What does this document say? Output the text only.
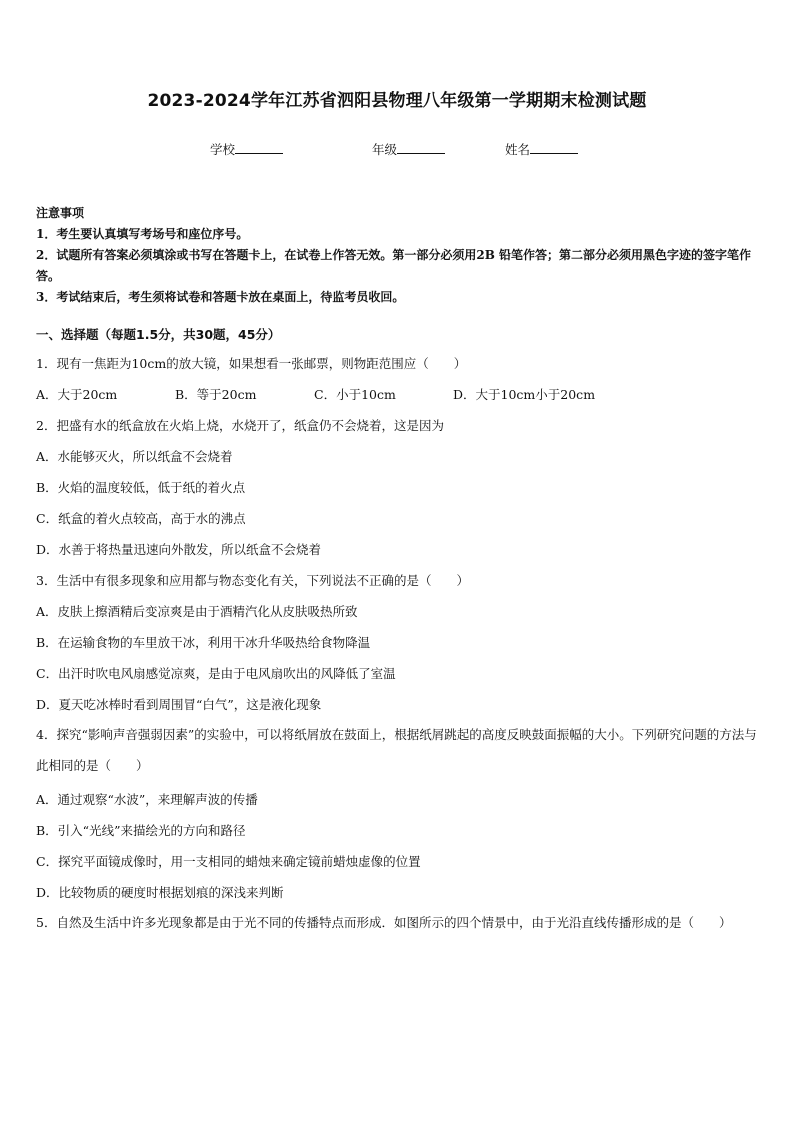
2023-2024学年江苏省泗阳县物理八年级第一学期期末检测试题
学校	年级	姓名
注意事项
1．考生要认真填写考场号和座位序号。
2．试题所有答案必须填涂或书写在答题卡上，在试卷上作答无效。第一部分必须用2B 铅笔作答；第二部分必须用黑色字迹的签字笔作答。
3．考试结束后，考生须将试卷和答题卡放在桌面上，待监考员收回。
一、选择题（每题1.5分，共30题，45分）
1．现有一焦距为10cm的放大镜，如果想看一张邮票，则物距范围应（　　）
A．大于20cm	B．等于20cm	C．小于10cm	D．大于10cm小于20cm
2．把盛有水的纸盒放在火焰上烧，水烧开了，纸盒仍不会烧着，这是因为
A．水能够灭火，所以纸盒不会烧着
B．火焰的温度较低，低于纸的着火点
C．纸盒的着火点较高，高于水的沸点
D．水善于将热量迅速向外散发，所以纸盒不会烧着
3．生活中有很多现象和应用都与物态变化有关，下列说法不正确的是（　　）
A．皮肤上擦酒精后变凉爽是由于酒精汽化从皮肤吸热所致
B．在运输食物的车里放干冰，利用干冰升华吸热给食物降温
C．出汗时吹电风扇感觉凉爽，是由于电风扇吹出的风降低了室温
D．夏天吃冰棒时看到周围冒“白气”，这是液化现象
4．探究“影响声音强弱因素”的实验中，可以将纸屑放在鼓面上，根据纸屑跳起的高度反映鼓面振幅的大小。下列研究问题的方法与此相同的是（　　）
A．通过观察“水波”，来理解声波的传播
B．引入“光线”来描绘光的方向和路径
C．探究平面镜成像时，用一支相同的蜡烛来确定镜前蜡烛虚像的位置
D．比较物质的硬度时根据划痕的深浅来判断
5．自然及生活中许多光现象都是由于光不同的传播特点而形成．如图所示的四个情景中，由于光沿直线传播形成的是（　　）
